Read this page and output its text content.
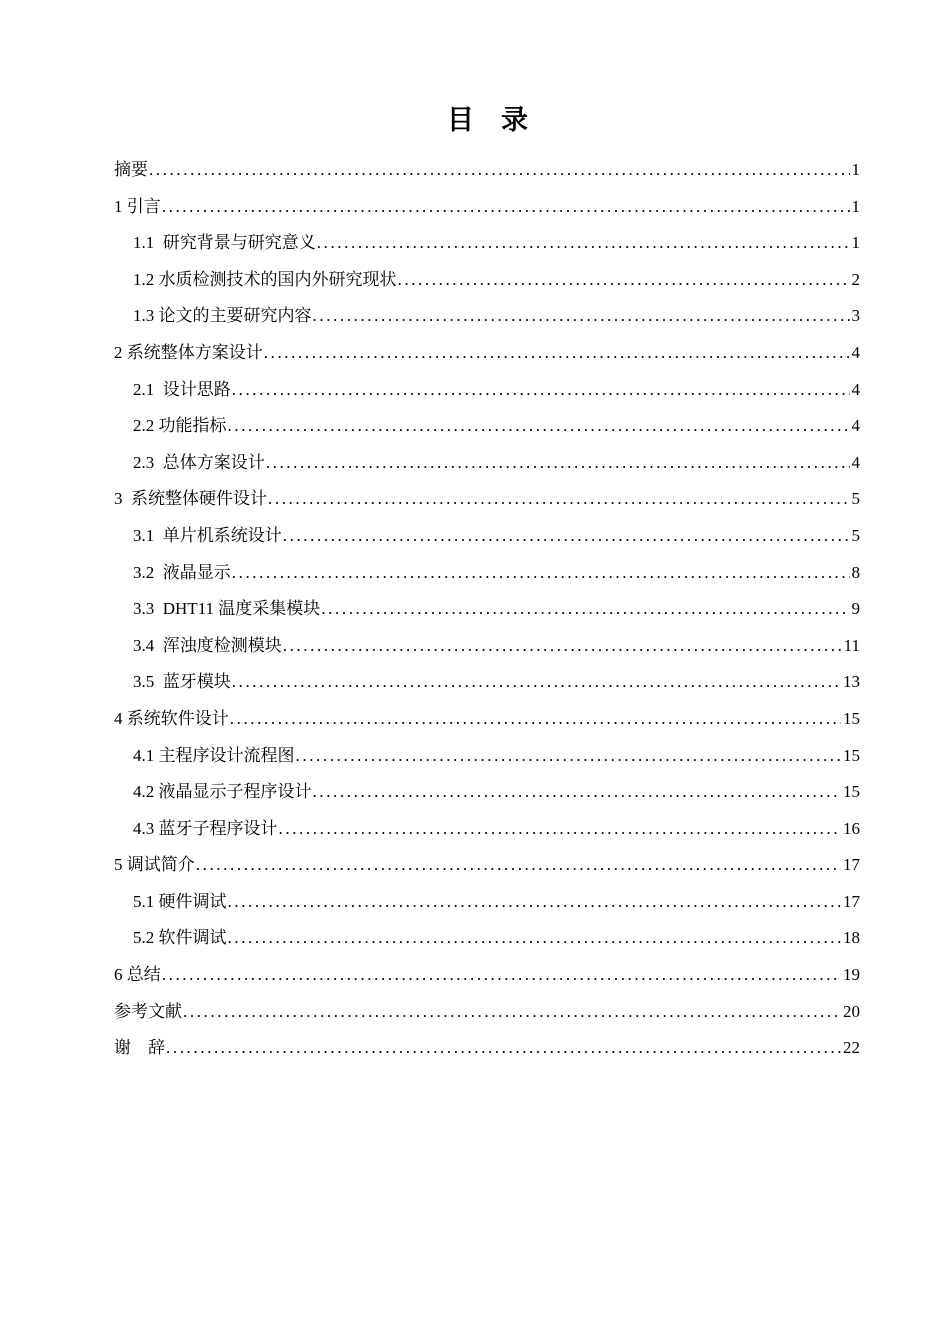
目    录
摘要 .....	1
1 引言 .....	1
1.1  研究背景与研究意义 .....	1
1.2 水质检测技术的国内外研究现状 .....	2
1.3 论文的主要研究内容 .....	3
2 系统整体方案设计 .....	4
2.1  设计思路 .....	4
2.2 功能指标 .....	4
2.3  总体方案设计 .....	4
3  系统整体硬件设计 .....	5
3.1  单片机系统设计 .....	5
3.2  液晶显示 .....	8
3.3  DHT11 温度采集模块 .....	9
3.4  浑浊度检测模块 .....	11
3.5  蓝牙模块 .....	13
4 系统软件设计 .....	15
4.1 主程序设计流程图 .....	15
4.2 液晶显示子程序设计 .....	15
4.3 蓝牙子程序设计 .....	16
5 调试简介 .....	17
5.1 硬件调试 .....	17
5.2 软件调试 .....	18
6 总结 .....	19
参考文献 .....	20
谢    辞 .....	22
